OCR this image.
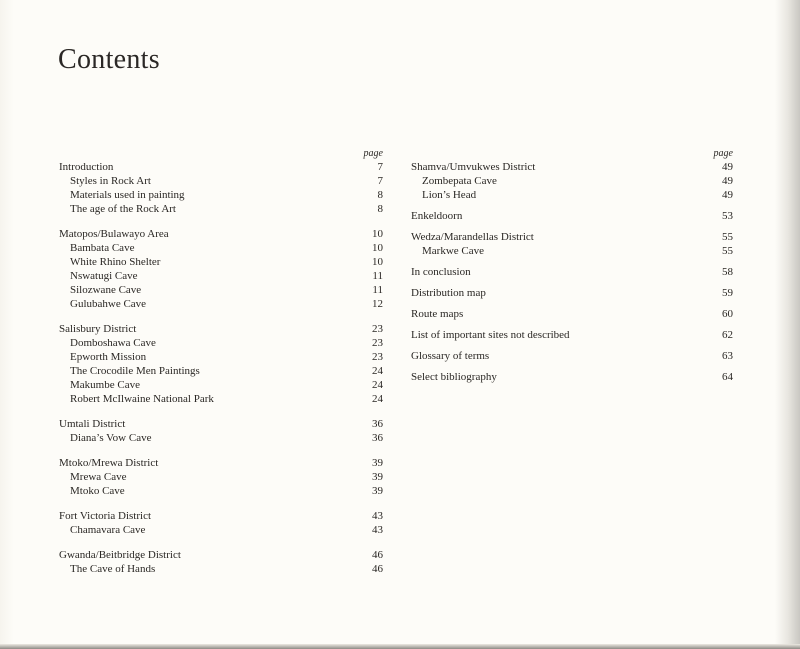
Contents
page
Introduction	7
Styles in Rock Art	7
Materials used in painting	8
The age of the Rock Art	8
Matopos/Bulawayo Area	10
Bambata Cave	10
White Rhino Shelter	10
Nswatugi Cave	11
Silozwane Cave	11
Gulubahwe Cave	12
Salisbury District	23
Domboshawa Cave	23
Epworth Mission	23
The Crocodile Men Paintings	24
Makumbe Cave	24
Robert McIlwaine National Park	24
Umtali District	36
Diana’s Vow Cave	36
Mtoko/Mrewa District	39
Mrewa Cave	39
Mtoko Cave	39
Fort Victoria District	43
Chamavara Cave	43
Gwanda/Beitbridge District	46
The Cave of Hands	46
page
Shamva/Umvukwes District	49
Zombepata Cave	49
Lion’s Head	49
Enkeldoorn	53
Wedza/Marandellas District	55
Markwe Cave	55
In conclusion	58
Distribution map	59
Route maps	60
List of important sites not described	62
Glossary of terms	63
Select bibliography	64
